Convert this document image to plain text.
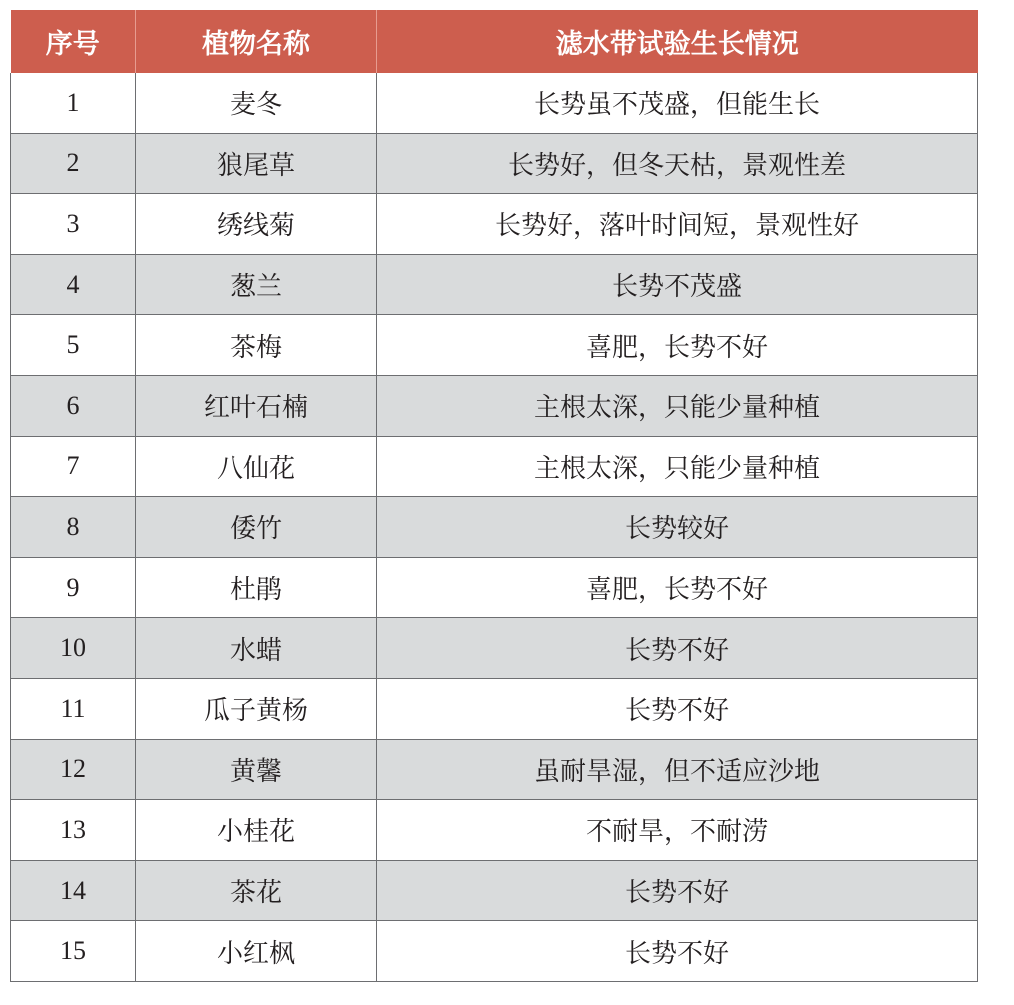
序号	植物名称	滤水带试验生长情况
1	麦冬	长势虽不茂盛，但能生长
2	狼尾草	长势好，但冬天枯，景观性差
3	绣线菊	长势好，落叶时间短，景观性好
4	葱兰	长势不茂盛
5	茶梅	喜肥，长势不好
6	红叶石楠	主根太深，只能少量种植
7	八仙花	主根太深，只能少量种植
8	倭竹	长势较好
9	杜鹃	喜肥，长势不好
10	水蜡	长势不好
11	瓜子黄杨	长势不好
12	黄馨	虽耐旱湿，但不适应沙地
13	小桂花	不耐旱，不耐涝
14	茶花	长势不好
15	小红枫	长势不好
